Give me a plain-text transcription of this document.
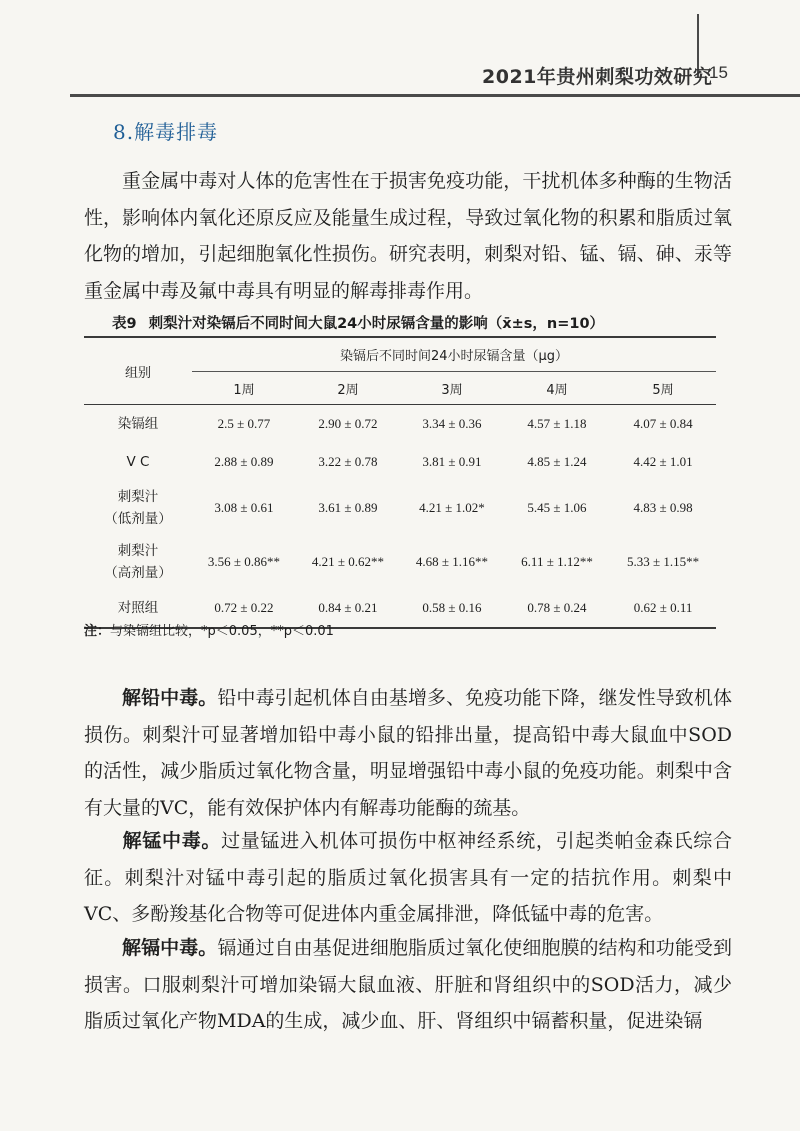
2021年贵州刺梨功效研究
15
8.解毒排毒
重金属中毒对人体的危害性在于损害免疫功能，干扰机体多种酶的生物活性，影响体内氧化还原反应及能量生成过程，导致过氧化物的积累和脂质过氧化物的增加，引起细胞氧化性损伤。研究表明，刺梨对铅、锰、镉、砷、汞等重金属中毒及氟中毒具有明显的解毒排毒作用。
表9 刺梨汁对染镉后不同时间大鼠24小时尿镉含量的影响（x̄±s，n=10）
组别	染镉后不同时间24小时尿镉含量（μg）				
	1周	2周	3周	4周	5周
染镉组	2.5 ± 0.77	2.90 ± 0.72	3.34 ± 0.36	4.57 ± 1.18	4.07 ± 0.84
V C	2.88 ± 0.89	3.22 ± 0.78	3.81 ± 0.91	4.85 ± 1.24	4.42 ± 1.01
刺梨汁
（低剂量）	3.08 ± 0.61	3.61 ± 0.89	4.21 ± 1.02*	5.45 ± 1.06	4.83 ± 0.98
刺梨汁
（高剂量）	3.56 ± 0.86**	4.21 ± 0.62**	4.68 ± 1.16**	6.11 ± 1.12**	5.33 ± 1.15**
对照组	0.72 ± 0.22	0.84 ± 0.21	0.58 ± 0.16	0.78 ± 0.24	0.62 ± 0.11
注：与染镉组比较，*p＜0.05，**p＜0.01
解铅中毒。铅中毒引起机体自由基增多、免疫功能下降，继发性导致机体损伤。刺梨汁可显著增加铅中毒小鼠的铅排出量，提高铅中毒大鼠血中SOD的活性，减少脂质过氧化物含量，明显增强铅中毒小鼠的免疫功能。刺梨中含有大量的VC，能有效保护体内有解毒功能酶的巯基。
解锰中毒。过量锰进入机体可损伤中枢神经系统，引起类帕金森氏综合征。刺梨汁对锰中毒引起的脂质过氧化损害具有一定的拮抗作用。刺梨中VC、多酚羧基化合物等可促进体内重金属排泄，降低锰中毒的危害。
解镉中毒。镉通过自由基促进细胞脂质过氧化使细胞膜的结构和功能受到损害。口服刺梨汁可增加染镉大鼠血液、肝脏和肾组织中的SOD活力，减少脂质过氧化产物MDA的生成，减少血、肝、肾组织中镉蓄积量，促进染镉
